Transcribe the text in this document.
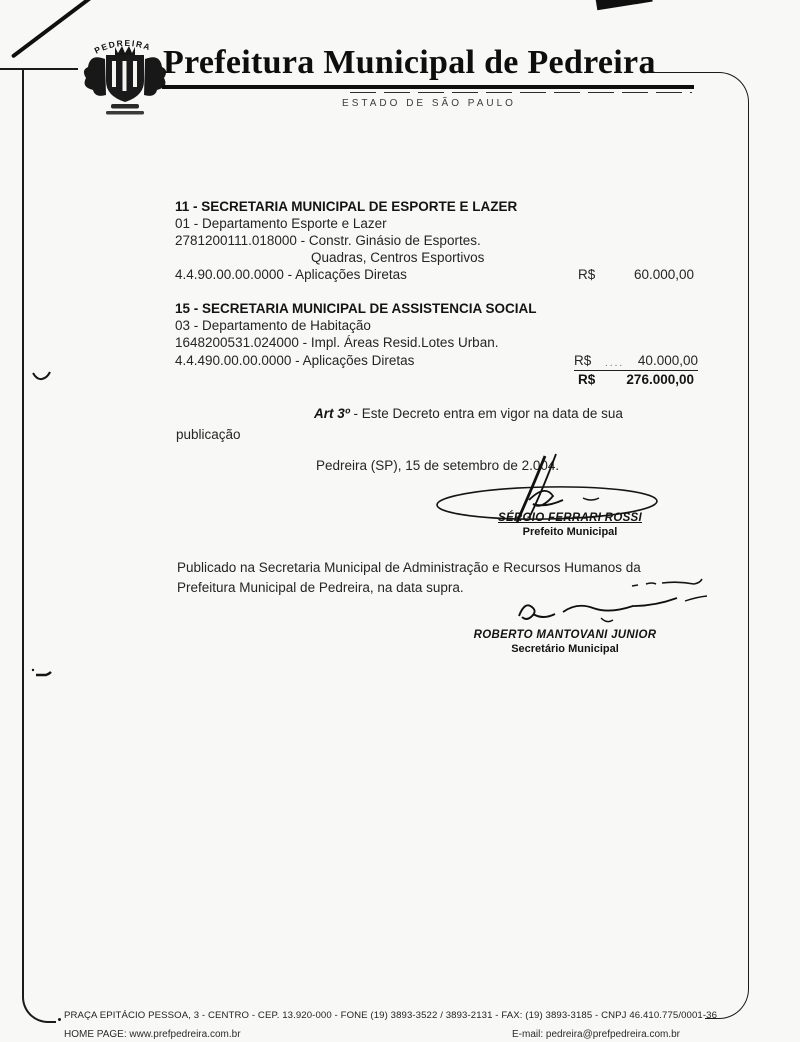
PEDREIRA Prefeitura Municipal de Pedreira
ESTADO DE SÃO PAULO
11 - SECRETARIA MUNICIPAL DE ESPORTE E LAZER
01 - Departamento Esporte e Lazer
2781200111.018000 - Constr. Ginásio de Esportes.
Quadras, Centros Esportivos
4.4.90.00.00.0000 - Aplicações Diretas	R$	60.000,00
15 - SECRETARIA MUNICIPAL DE ASSISTENCIA SOCIAL
03 - Departamento de Habitação
1648200531.024000 - Impl. Áreas Resid.Lotes Urban.
4.4.490.00.00.0000 - Aplicações Diretas	R$ .... 40.000,00
R$	276.000,00
Art 3º - Este Decreto entra em vigor na data de sua
publicação
Pedreira (SP), 15 de setembro de 2.004.
SÉRGIO FERRARI ROSSI
Prefeito Municipal
Publicado na Secretaria Municipal de Administração e Recursos Humanos da
Prefeitura Municipal de Pedreira, na data supra.
ROBERTO MANTOVANI JUNIOR
Secretário Municipal
PRAÇA EPITÁCIO PESSOA, 3 - CENTRO - CEP. 13.920-000 - FONE (19) 3893-3522 / 3893-2131 - FAX: (19) 3893-3185 - CNPJ 46.410.775/0001-36
HOME PAGE: www.prefpedreira.com.br	E-mail: pedreira@prefpedreira.com.br
